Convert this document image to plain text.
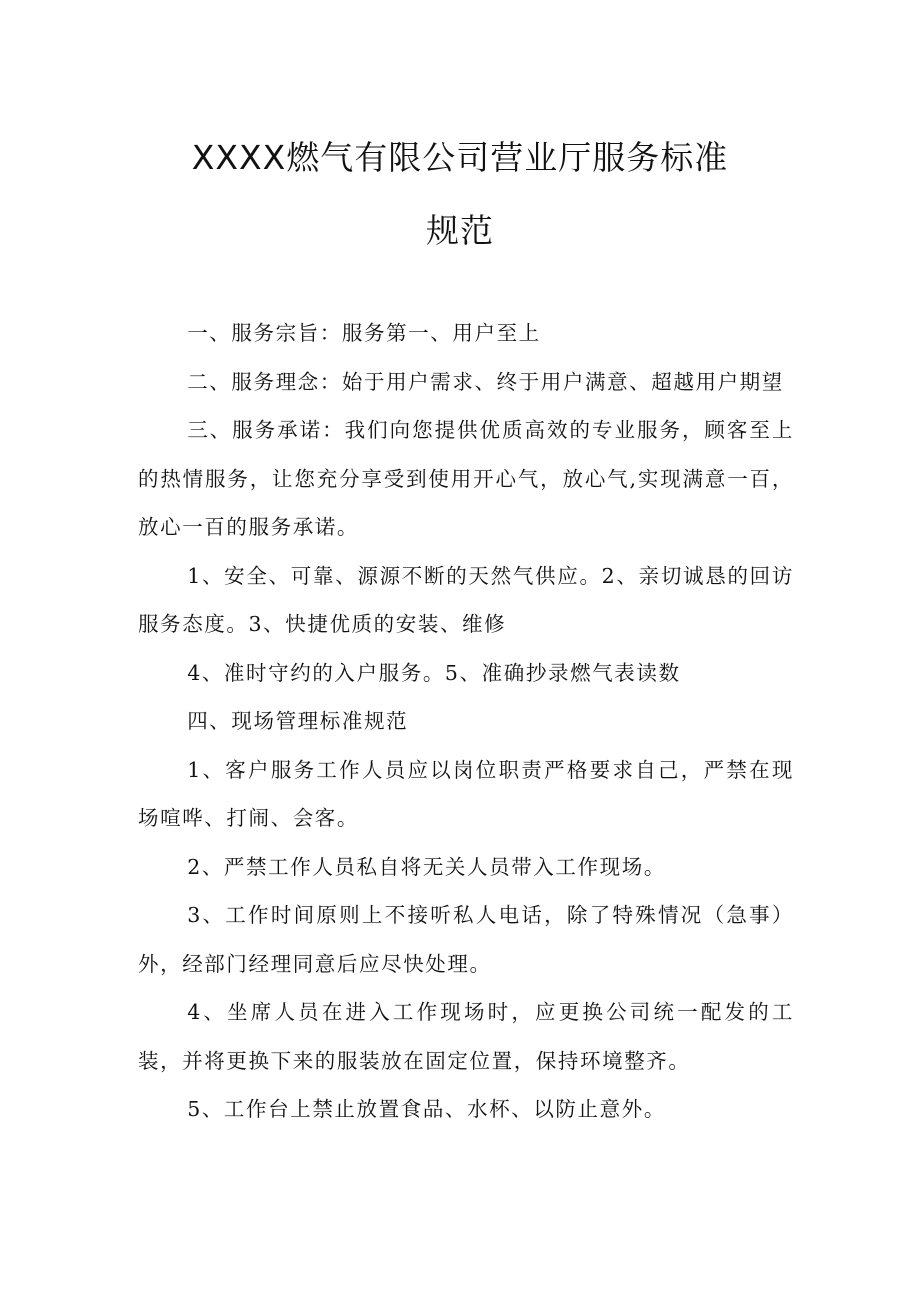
XXXX燃气有限公司营业厅服务标准
规范

一、服务宗旨：服务第一、用户至上

二、服务理念：始于用户需求、终于用户满意、超越用户期望

三、服务承诺：我们向您提供优质高效的专业服务，顾客至上的热情服务，让您充分享受到使用开心气，放心气,实现满意一百，放心一百的服务承诺。

1、安全、可靠、源源不断的天然气供应。2、亲切诚恳的回访服务态度。3、快捷优质的安装、维修

4、准时守约的入户服务。5、准确抄录燃气表读数

四、现场管理标准规范

1、客户服务工作人员应以岗位职责严格要求自己，严禁在现场喧哗、打闹、会客。

2、严禁工作人员私自将无关人员带入工作现场。

3、工作时间原则上不接听私人电话，除了特殊情况（急事）外，经部门经理同意后应尽快处理。

4、坐席人员在进入工作现场时，应更换公司统一配发的工装，并将更换下来的服装放在固定位置，保持环境整齐。

5、工作台上禁止放置食品、水杯、以防止意外。
